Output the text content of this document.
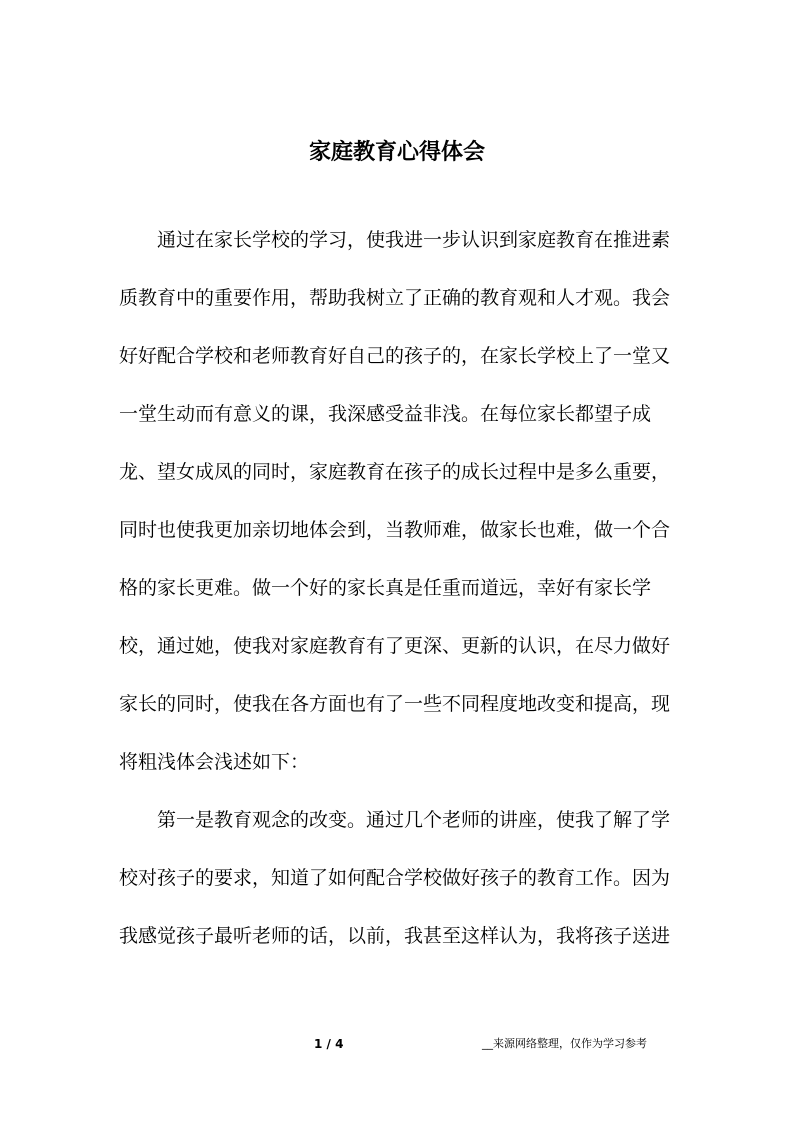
家庭教育心得体会

　　通过在家长学校的学习，使我进一步认识到家庭教育在推进素

质教育中的重要作用，帮助我树立了正确的教育观和人才观。我会

好好配合学校和老师教育好自己的孩子的，在家长学校上了一堂又

一堂生动而有意义的课，我深感受益非浅。在每位家长都望子成

龙、望女成凤的同时，家庭教育在孩子的成长过程中是多么重要，

同时也使我更加亲切地体会到，当教师难，做家长也难，做一个合

格的家长更难。做一个好的家长真是任重而道远，幸好有家长学

校，通过她，使我对家庭教育有了更深、更新的认识，在尽力做好

家长的同时，使我在各方面也有了一些不同程度地改变和提高，现

将粗浅体会浅述如下：

　　第一是教育观念的改变。通过几个老师的讲座，使我了解了学

校对孩子的要求，知道了如何配合学校做好孩子的教育工作。因为

我感觉孩子最听老师的话，以前，我甚至这样认为，我将孩子送进

1 / 4	__来源网络整理，仅作为学习参考
